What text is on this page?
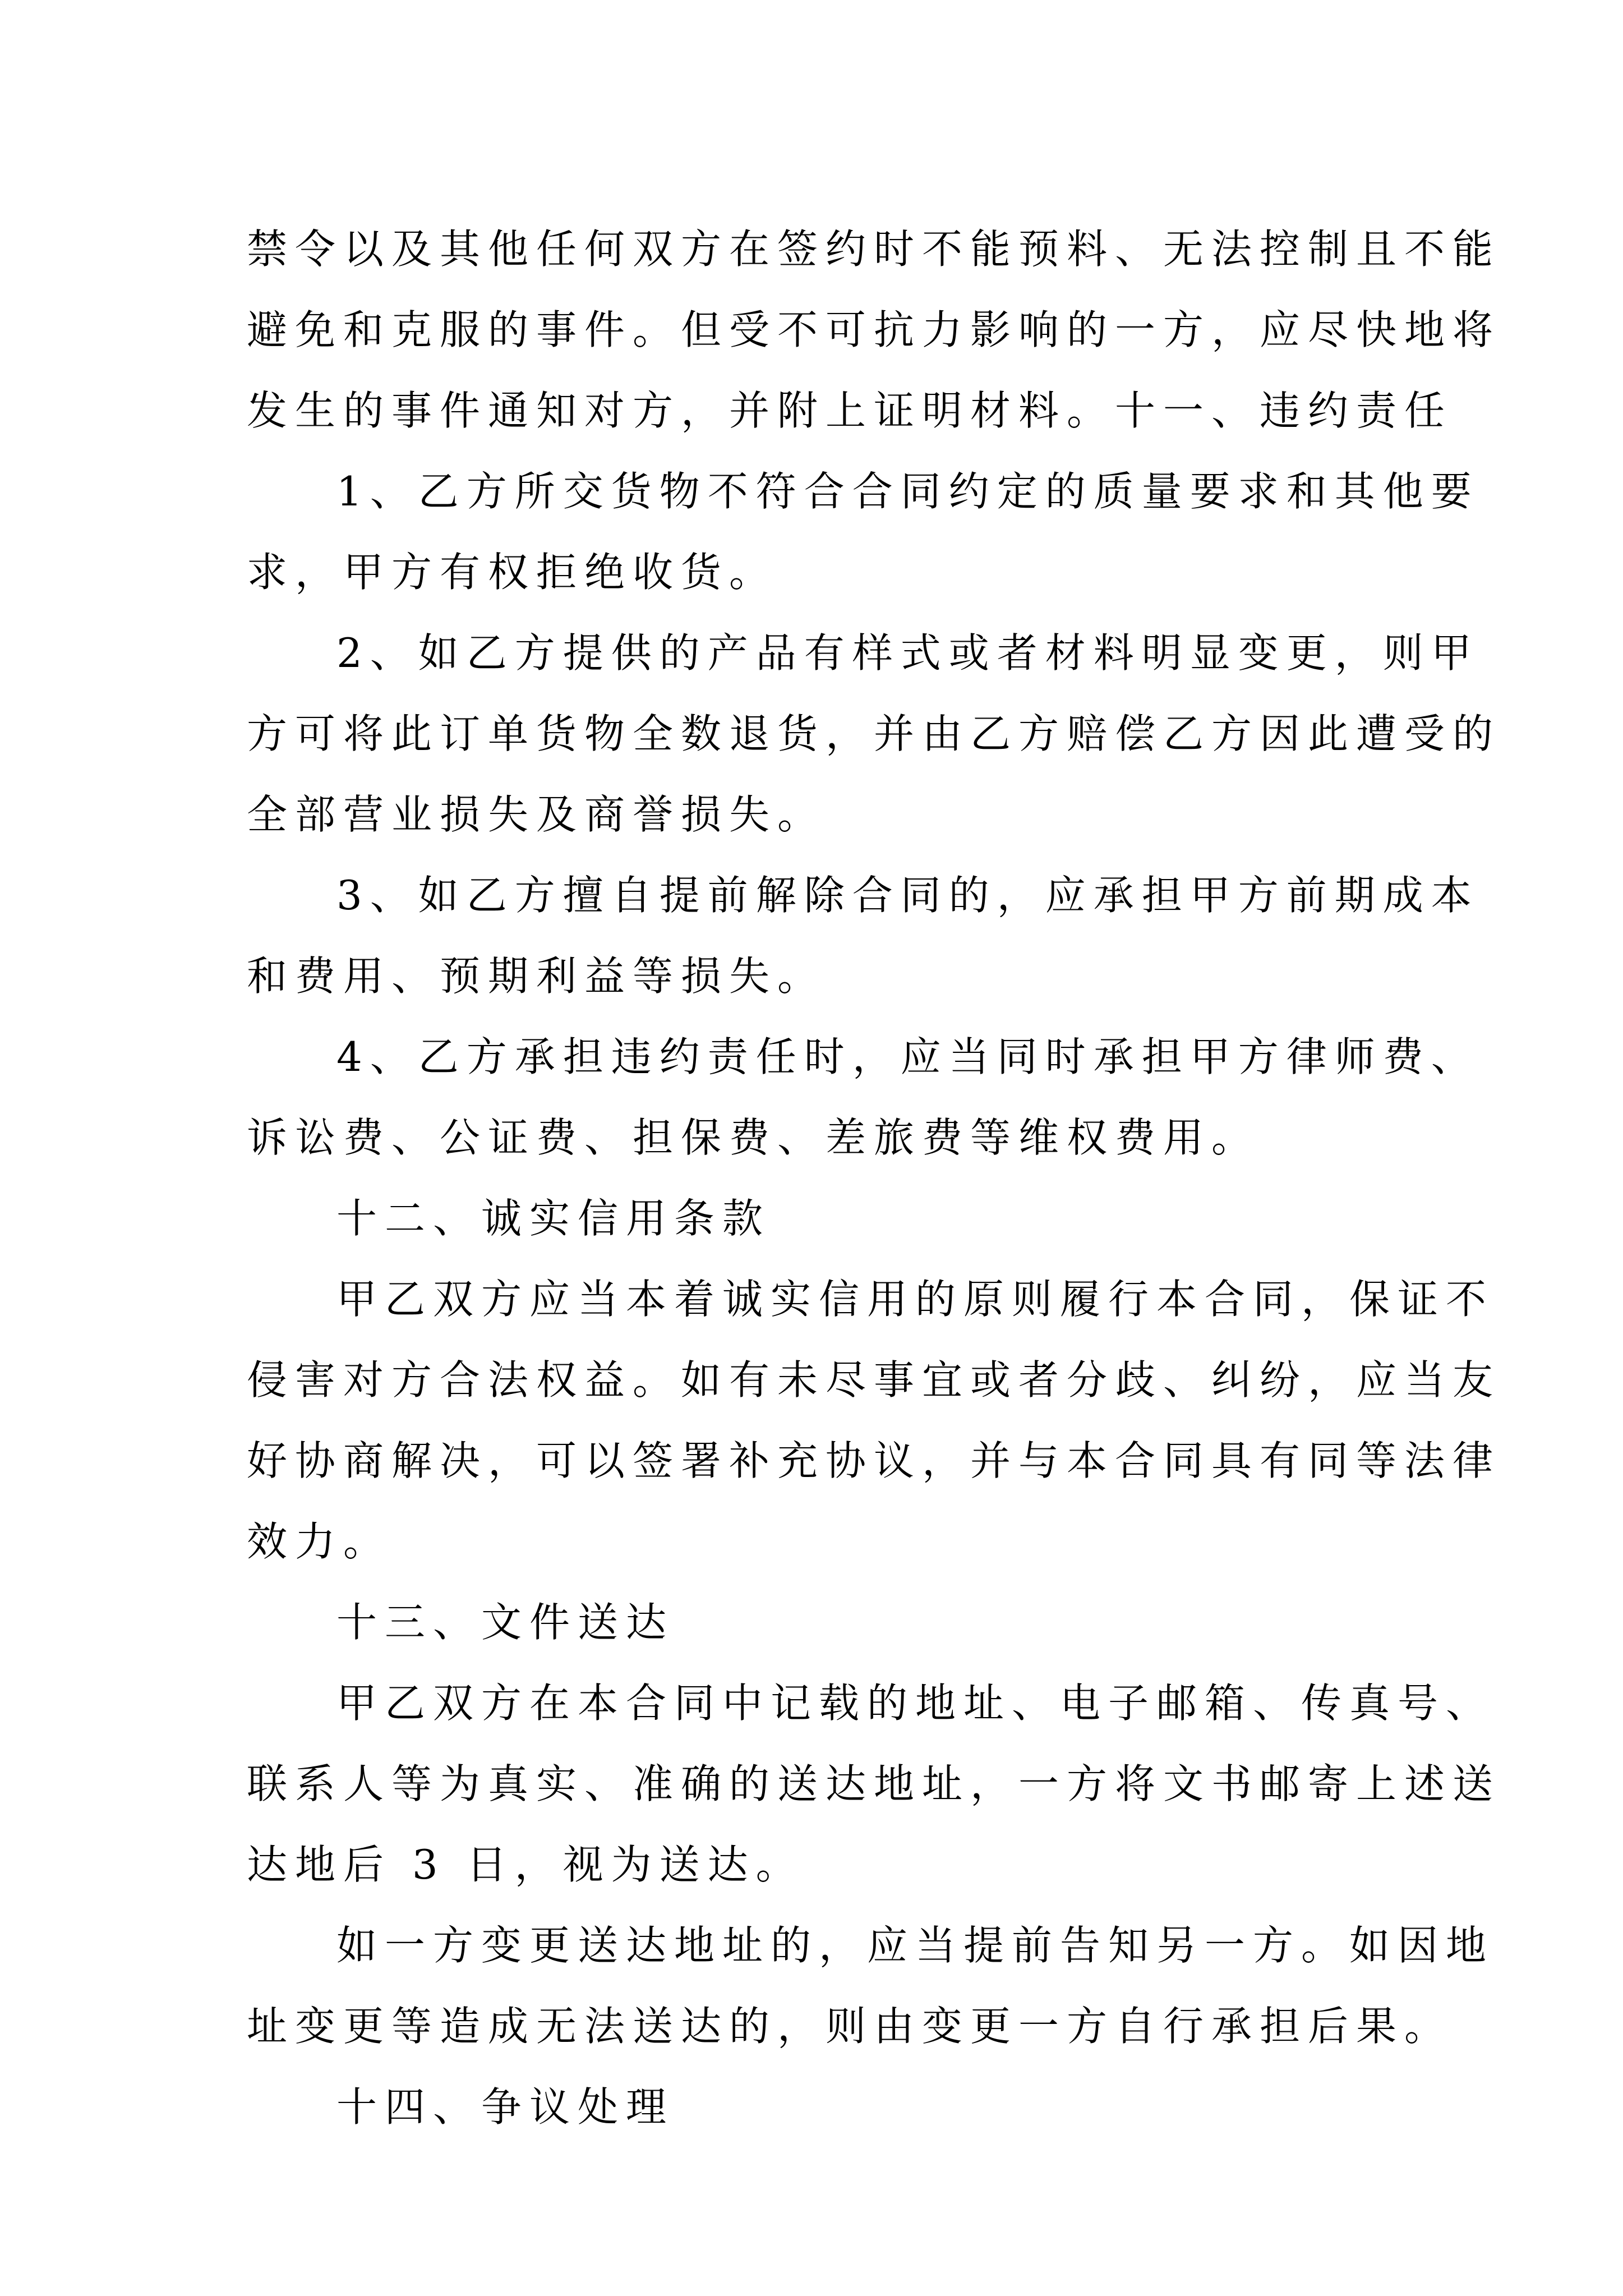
禁令以及其他任何双方在签约时不能预料、无法控制且不能
避免和克服的事件。但受不可抗力影响的一方，应尽快地将
发生的事件通知对方，并附上证明材料。十一、违约责任
1、乙方所交货物不符合合同约定的质量要求和其他要
求，甲方有权拒绝收货。
2、如乙方提供的产品有样式或者材料明显变更，则甲
方可将此订单货物全数退货，并由乙方赔偿乙方因此遭受的
全部营业损失及商誉损失。
3、如乙方擅自提前解除合同的，应承担甲方前期成本
和费用、预期利益等损失。
4、乙方承担违约责任时，应当同时承担甲方律师费、
诉讼费、公证费、担保费、差旅费等维权费用。
十二、诚实信用条款
甲乙双方应当本着诚实信用的原则履行本合同，保证不
侵害对方合法权益。如有未尽事宜或者分歧、纠纷，应当友
好协商解决，可以签署补充协议，并与本合同具有同等法律
效力。
十三、文件送达
甲乙双方在本合同中记载的地址、电子邮箱、传真号、
联系人等为真实、准确的送达地址，一方将文书邮寄上述送
达地后 3 日，视为送达。
如一方变更送达地址的，应当提前告知另一方。如因地
址变更等造成无法送达的，则由变更一方自行承担后果。
十四、争议处理
